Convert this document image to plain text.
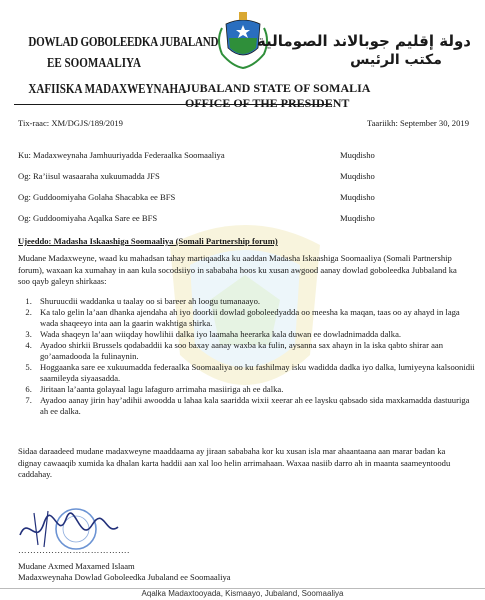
DOWLAD GOBOLEEDKA JUBALAND
EE SOOMAALIYA
XAFIISKA MADAXWEYNAHA
دولة إقليم جوبالاند الصومالية
مكتب الرئيس
JUBALAND STATE OF SOMALIA
OFFICE OF THE PRESIDENT
Tix-raac: XM/DGJS/189/2019	Taariikh: September 30, 2019
Ku: Madaxweynaha Jamhuuriyadda Federaalka Soomaaliya	Muqdisho
Og: Ra’iisul wasaaraha xukuumadda JFS	Muqdisho
Og: Guddoomiyaha Golaha Shacabka ee BFS	Muqdisho
Og: Guddoomiyaha Aqalka Sare ee BFS	Muqdisho
Ujeeddo: Madasha Iskaashiga Soomaaliya (Somali Partnership forum)
Mudane Madaxweyne, waad ku mahadsan tahay martiqaadka ku aaddan Madasha Iskaashiga Soomaaliya (Somali Partnership forum), waxaan ka xumahay in aan kula socodsiiyo in sababaha hoos ku xusan awgood aanay dowlad goboleedka Jubbaland ka soo qayb galeyn shirkaas:
1. Shuruucdii waddanka u taalay oo si bareer ah loogu tumanaayo.
2. Ka talo gelin la’aan dhanka ajendaha ah iyo doorkii dowlad goboleedyadda oo meesha ka maqan, taas oo ay ahayd in laga wada shaqeeyo inta aan la gaarin wakhtiga shirka.
3. Wada shaqeyn la’aan wiiqday howlihii dalka iyo laamaha heerarka kala duwan ee dowladnimadda dalka.
4. Ayadoo shirkii Brussels qodabaddii ka soo baxay aanay waxba ka fulin, aysanna sax ahayn in la iska qabto shirar aan go’aamadooda la fulinaynin.
5. Hoggaanka sare ee xukuumadda federaalka Soomaaliya oo ku fashilmay isku wadidda dadka iyo dalka, lumiyeyna kalsoonidii saamileyda siyaasadda.
6. Jiritaan la’aanta golayaal lagu lafaguro arrimaha masiiriga ah ee dalka.
7. Ayadoo aanay jirin hay’adihii awoodda u lahaa kala saaridda wixii xeerar ah ee laysku qabsado sida maxkamadda dastuuriga ah ee dalka.
Sidaa daraadeed mudane madaxweyne maaddaama ay jiraan sababaha kor ku xusan isla mar ahaantaana aan marar badan ka dignay cawaaqib xumida ka dhalan karta haddii aan xal loo helin arrimahaan. Waxaa nasiib darro ah in maanta saameyntoodu caddahay.
……………………………….
Mudane Axmed Maxamed Islaam
Madaxweynaha Dowlad Goboleedka Jubaland ee Soomaaliya
Aqalka Madaxtooyada, Kismaayo, Jubaland, Soomaaliya
